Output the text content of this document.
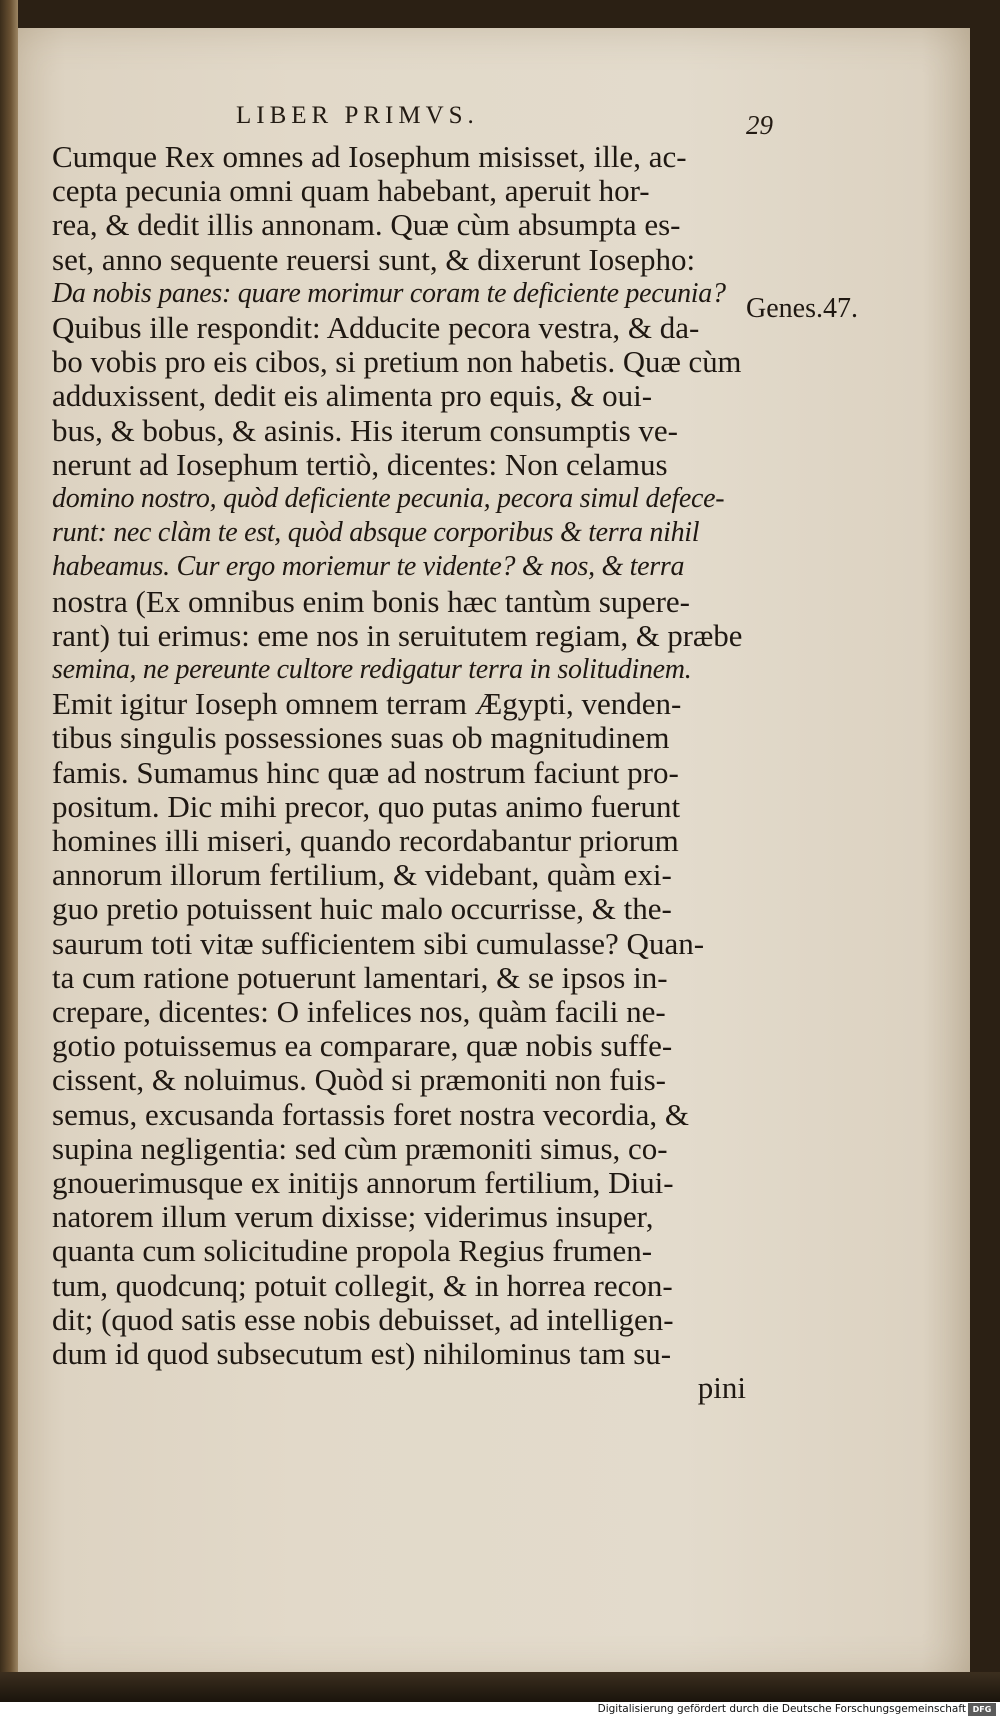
LIBER PRIMVS.	29
Genes.47.
Cumque Rex omnes ad Iosephum misisset, ille, ac-
cepta pecunia omni quam habebant, aperuit hor-
rea, & dedit illis annonam. Quæ cùm absumpta es-
set, anno sequente reuersi sunt, & dixerunt Iosepho:
Da nobis panes: quare morimur coram te deficiente pecunia?
Quibus ille respondit: Adducite pecora vestra, & da-
bo vobis pro eis cibos, si pretium non habetis. Quæ cùm
adduxissent, dedit eis alimenta pro equis, & oui-
bus, & bobus, & asinis. His iterum consumptis ve-
nerunt ad Iosephum tertiò, dicentes: Non celamus
domino nostro, quòd deficiente pecunia, pecora simul defece-
runt: nec clàm te est, quòd absque corporibus & terra nihil
habeamus. Cur ergo moriemur te vidente? & nos, & terra
nostra (Ex omnibus enim bonis hæc tantùm supere-
rant) tui erimus: eme nos in seruitutem regiam, & præbe
semina, ne pereunte cultore redigatur terra in solitudinem.
Emit igitur Ioseph omnem terram Ægypti, venden-
tibus singulis possessiones suas ob magnitudinem
famis. Sumamus hinc quæ ad nostrum faciunt pro-
positum. Dic mihi precor, quo putas animo fuerunt
homines illi miseri, quando recordabantur priorum
annorum illorum fertilium, & videbant, quàm exi-
guo pretio potuissent huic malo occurrisse, & the-
saurum toti vitæ sufficientem sibi cumulasse? Quan-
ta cum ratione potuerunt lamentari, & se ipsos in-
crepare, dicentes: O infelices nos, quàm facili ne-
gotio potuissemus ea comparare, quæ nobis suffe-
cissent, & noluimus. Quòd si præmoniti non fuis-
semus, excusanda fortassis foret nostra vecordia, &
supina negligentia: sed cùm præmoniti simus, co-
gnouerimusque ex initijs annorum fertilium, Diui-
natorem illum verum dixisse; viderimus insuper,
quanta cum solicitudine propola Regius frumen-
tum, quodcunq; potuit collegit, & in horrea recon-
dit; (quod satis esse nobis debuisset, ad intelligen-
dum id quod subsecutum est) nihilominus tam su-
pini
Digitalisierung gefördert durch die Deutsche Forschungsgemeinschaft DFG
